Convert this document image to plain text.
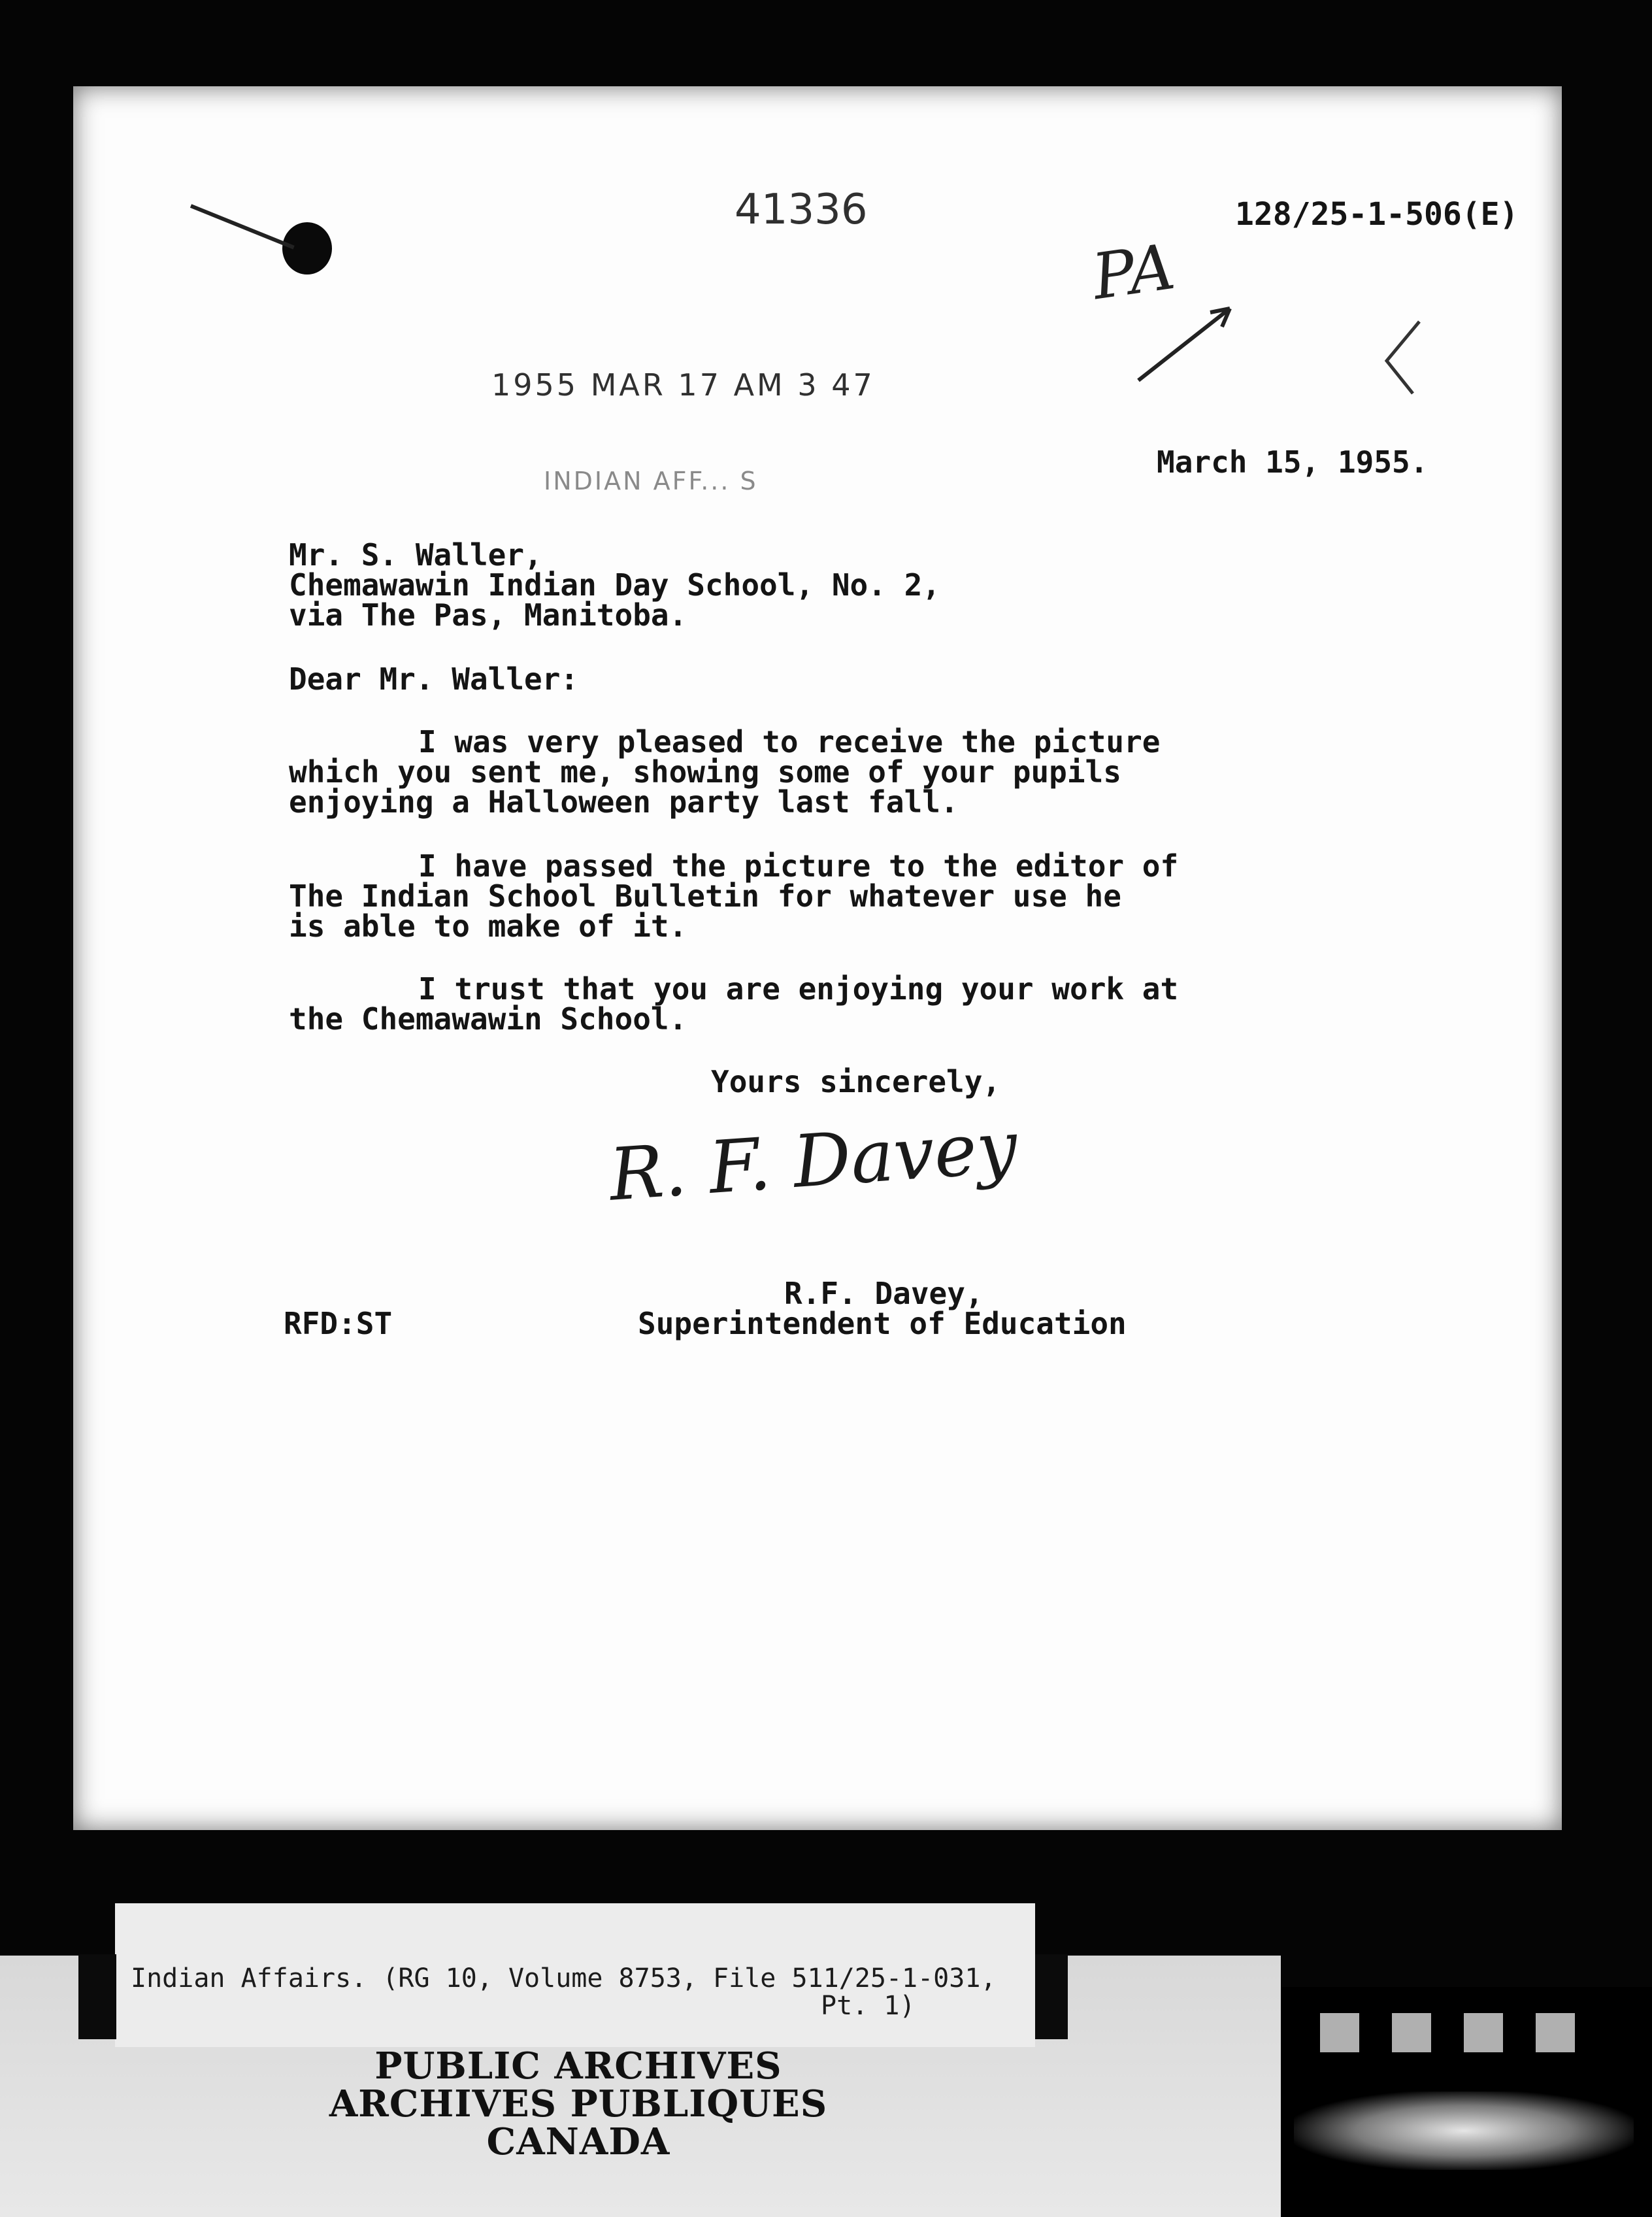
41336	128/25-1-506(E)
PA
1955 MAR 17 AM 3 47
INDIAN AFF... S
March 15, 1955.
Mr. S. Waller,
Chemawawin Indian Day School, No. 2,
via The Pas, Manitoba.
Dear Mr. Waller:
I was very pleased to receive the picture
which you sent me, showing some of your pupils
enjoying a Halloween party last fall.
I have passed the picture to the editor of
The Indian School Bulletin for whatever use he
is able to make of it.
I trust that you are enjoying your work at
the Chemawawin School.
Yours sincerely,
R. F. Davey
R.F. Davey,
RFD:ST	Superintendent of Education
Indian Affairs. (RG 10, Volume 8753, File 511/25-1-031,
Pt. 1)
PUBLIC ARCHIVES
ARCHIVES PUBLIQUES
CANADA
